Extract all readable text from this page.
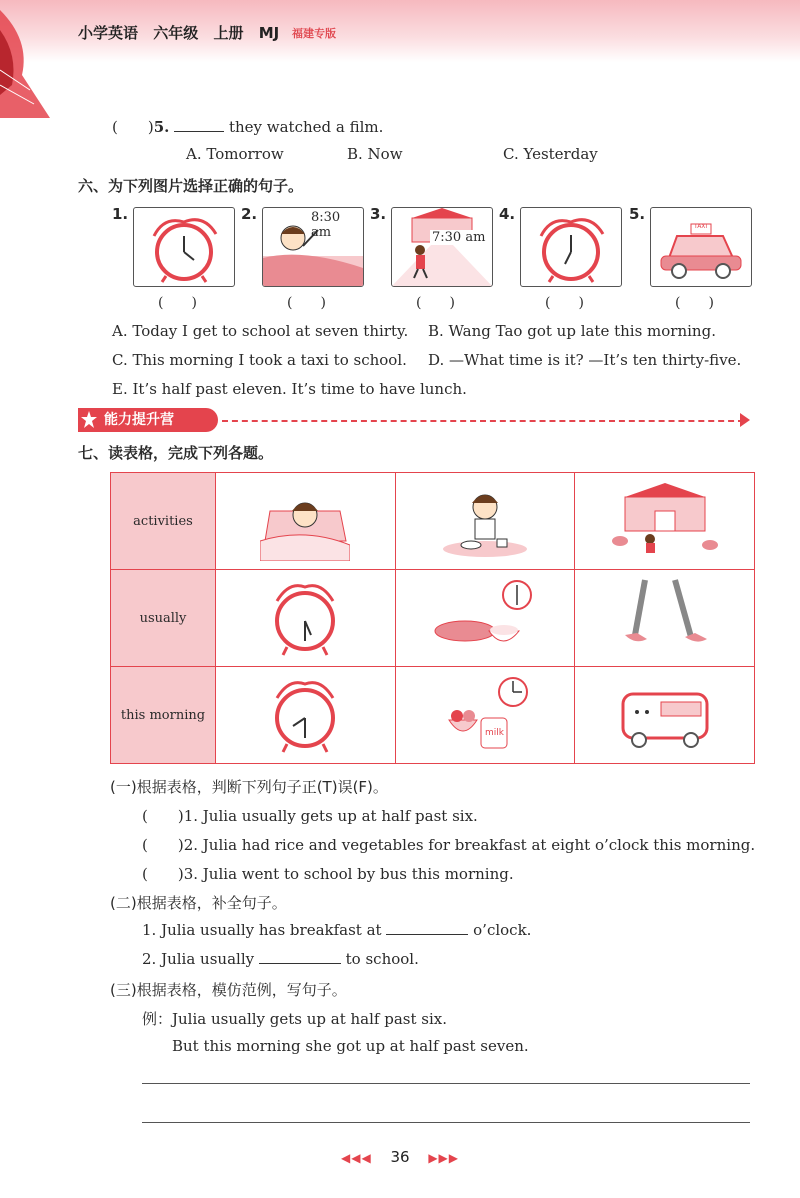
小学英语 六年级 上册 MJ	福建专版
(　　)5.	they watched a film.
A. Tomorrow	B. Now	C. Yesterday
六、为下列图片选择正确的句子。
1.
(　　)
2.	8:30 am
(　　)
3.
7:30 am
(　　)
4.
(　　)
5.
TAXI
(　　)
A. Today I get to school at seven thirty. B. Wang Tao got up late this morning.
C. This morning I took a taxi to school. D. —What time is it? —It’s ten thirty-five.
E. It’s half past eleven. It’s time to have lunch.
能力提升营
七、读表格，完成下列各题。
activities	

usually	

this morning		milk

(一)根据表格，判断下列句子正(T)误(F)。
(　　)1. Julia usually gets up at half past six.
(　　)2. Julia had rice and vegetables for breakfast at eight o’clock this morning.
(　　)3. Julia went to school by bus this morning.
(二)根据表格，补全句子。
1. Julia usually has breakfast at	o’clock.
2. Julia usually	to school.
(三)根据表格，模仿范例，写句子。
例：Julia usually gets up at half past six.
But this morning she got up at half past seven.
◀◀◀ 36 ▶▶▶
